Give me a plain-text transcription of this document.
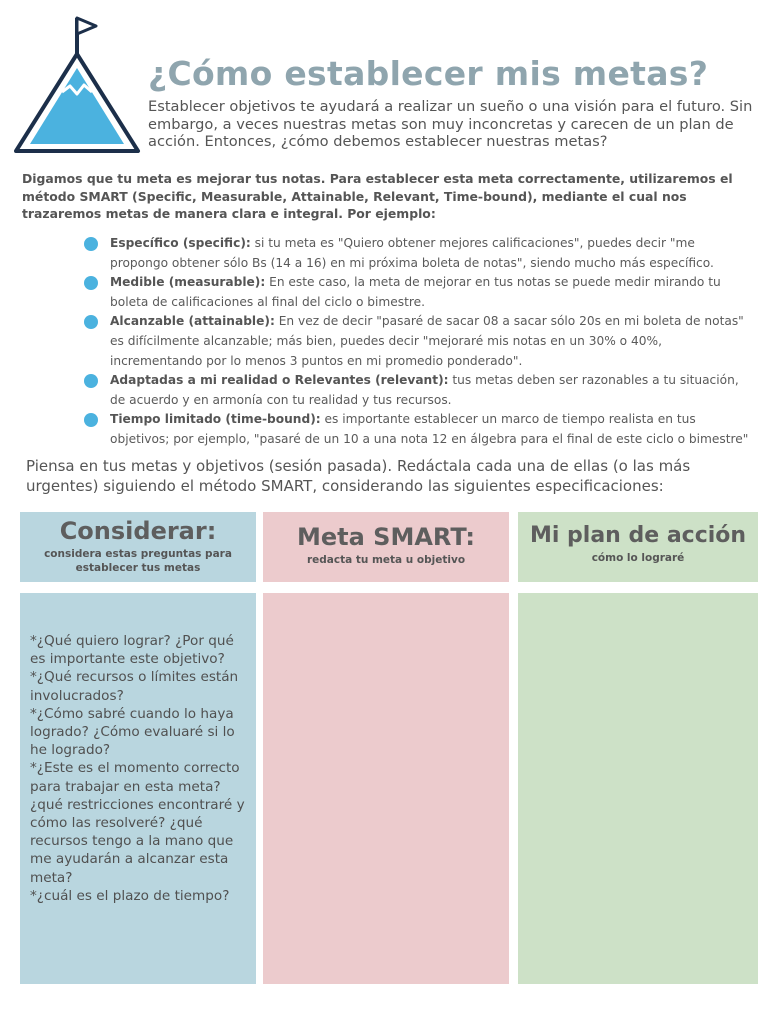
¿Cómo establecer mis metas?

Establecer objetivos te ayudará a realizar un sueño o una visión para el futuro. Sin embargo, a veces nuestras metas son muy inconcretas y carecen de un plan de acción. Entonces, ¿cómo debemos establecer nuestras metas?

Digamos que tu meta es mejorar tus notas. Para establecer esta meta correctamente, utilizaremos el método SMART (Specific, Measurable, Attainable, Relevant, Time-bound), mediante el cual nos trazaremos metas de manera clara e integral. Por ejemplo:

Específico (specific): si tu meta es "Quiero obtener mejores calificaciones", puedes decir "me propongo obtener sólo Bs (14 a 16) en mi próxima boleta de notas", siendo mucho más específico.
Medible (measurable): En este caso, la meta de mejorar en tus notas se puede medir mirando tu boleta de calificaciones al final del ciclo o bimestre.
Alcanzable (attainable): En vez de decir "pasaré de sacar 08 a sacar sólo 20s en mi boleta de notas" es difícilmente alcanzable; más bien, puedes decir "mejoraré mis notas en un 30% o 40%, incrementando por lo menos 3 puntos en mi promedio ponderado".
Adaptadas a mi realidad o Relevantes (relevant): tus metas deben ser razonables a tu situación, de acuerdo y en armonía con tu realidad y tus recursos.
Tiempo limitado (time-bound): es importante establecer un marco de tiempo realista en tus objetivos; por ejemplo, "pasaré de un 10 a una nota 12 en álgebra para el final de este ciclo o bimestre"

Piensa en tus metas y objetivos (sesión pasada). Redáctala cada una de ellas (o las más urgentes) siguiendo el método SMART, considerando las siguientes especificaciones:

Considerar:
considera estas preguntas para establecer tus metas
Meta SMART:
redacta tu meta u objetivo
Mi plan de acción
cómo lo lograré

*¿Qué quiero lograr? ¿Por qué es importante este objetivo?
*¿Qué recursos o límites están involucrados?
*¿Cómo sabré cuando lo haya logrado? ¿Cómo evaluaré si lo he logrado?
*¿Este es el momento correcto para trabajar en esta meta? ¿qué restricciones encontraré y cómo las resolveré? ¿qué recursos tengo a la mano que me ayudarán a alcanzar esta meta?
*¿cuál es el plazo de tiempo?
